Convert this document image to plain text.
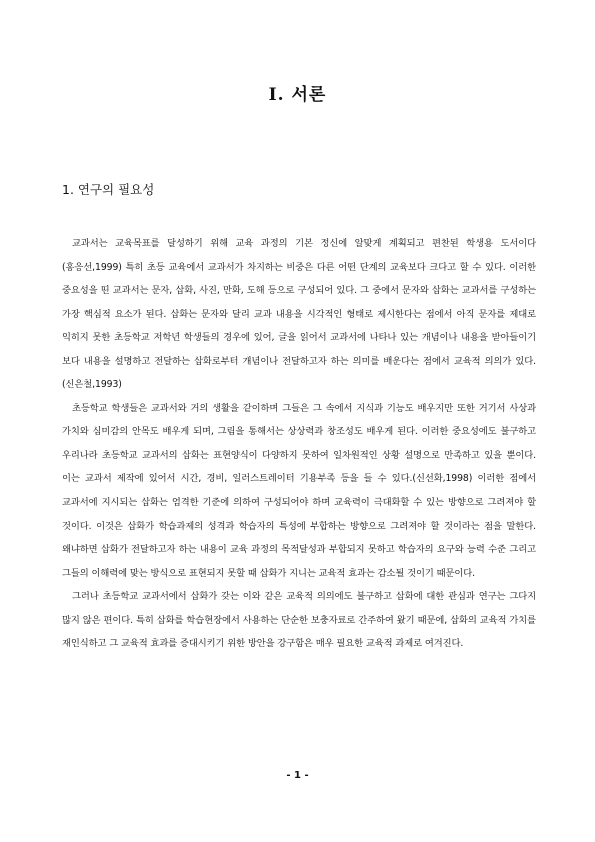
Ⅰ. 서론
1. 연구의 필요성

교과서는 교육목표를 달성하기 위해 교육 과정의 기본 정신에 알맞게 계획되고 편찬된 학생용 도서이다(홍응선,1999) 특히 초등 교육에서 교과서가 차지하는 비중은 다른 어떤 단계의 교육보다 크다고 할 수 있다. 이러한 중요성을 띤 교과서는 문자, 삽화, 사진, 만화, 도해 등으로 구성되어 있다. 그 중에서 문자와 삽화는 교과서를 구성하는 가장 핵심적 요소가 된다. 삽화는 문자와 달리 교과 내용을 시각적인 형태로 제시한다는 점에서 아직 문자를 제대로 익히지 못한 초등학교 저학년 학생들의 경우에 있어, 글을 읽어서 교과서에 나타나 있는 개념이나 내용을 받아들이기 보다 내용을 설명하고 전달하는 삽화로부터 개념이나 전달하고자 하는 의미를 배운다는 점에서 교육적 의의가 있다. (신은철,1993)

초등학교 학생들은 교과서와 거의 생활을 같이하며 그들은 그 속에서 지식과 기능도 배우지만 또한 거기서 사상과 가치와 심미감의 안목도 배우게 되며, 그림을 통해서는 상상력과 창조성도 배우게 된다. 이러한 중요성에도 불구하고 우리나라 초등학교 교과서의 삽화는 표현양식이 다양하지 못하여 일차원적인 상황 설명으로 만족하고 있을 뿐이다. 이는 교과서 제작에 있어서 시간, 경비, 일러스트레이터 기용부족 등을 들 수 있다.(신선화,1998) 이러한 점에서 교과서에 지시되는 삽화는 엄격한 기준에 의하여 구성되어야 하며 교육력이 극대화할 수 있는 방향으로 그려져야 할 것이다. 이것은 삽화가 학습과제의 성격과 학습자의 특성에 부합하는 방향으로 그려져야 할 것이라는 점을 말한다. 왜냐하면 삽화가 전달하고자 하는 내용이 교육 과정의 목적달성과 부합되지 못하고 학습자의 요구와 능력 수준 그리고 그들의 이해력에 맞는 방식으로 표현되지 못할 때 삽화가 지니는 교육적 효과는 감소될 것이기 때문이다.

그러나 초등학교 교과서에서 삽화가 갖는 이와 같은 교육적 의의에도 불구하고 삽화에 대한 관심과 연구는 그다지 많지 않은 편이다. 특히 삽화를 학습현장에서 사용하는 단순한 보충자료로 간주하여 왔기 때문에, 삽화의 교육적 가치를 재인식하고 그 교육적 효과를 증대시키기 위한 방안을 강구함은 매우 필요한 교육적 과제로 여겨진다.

- 1 -
